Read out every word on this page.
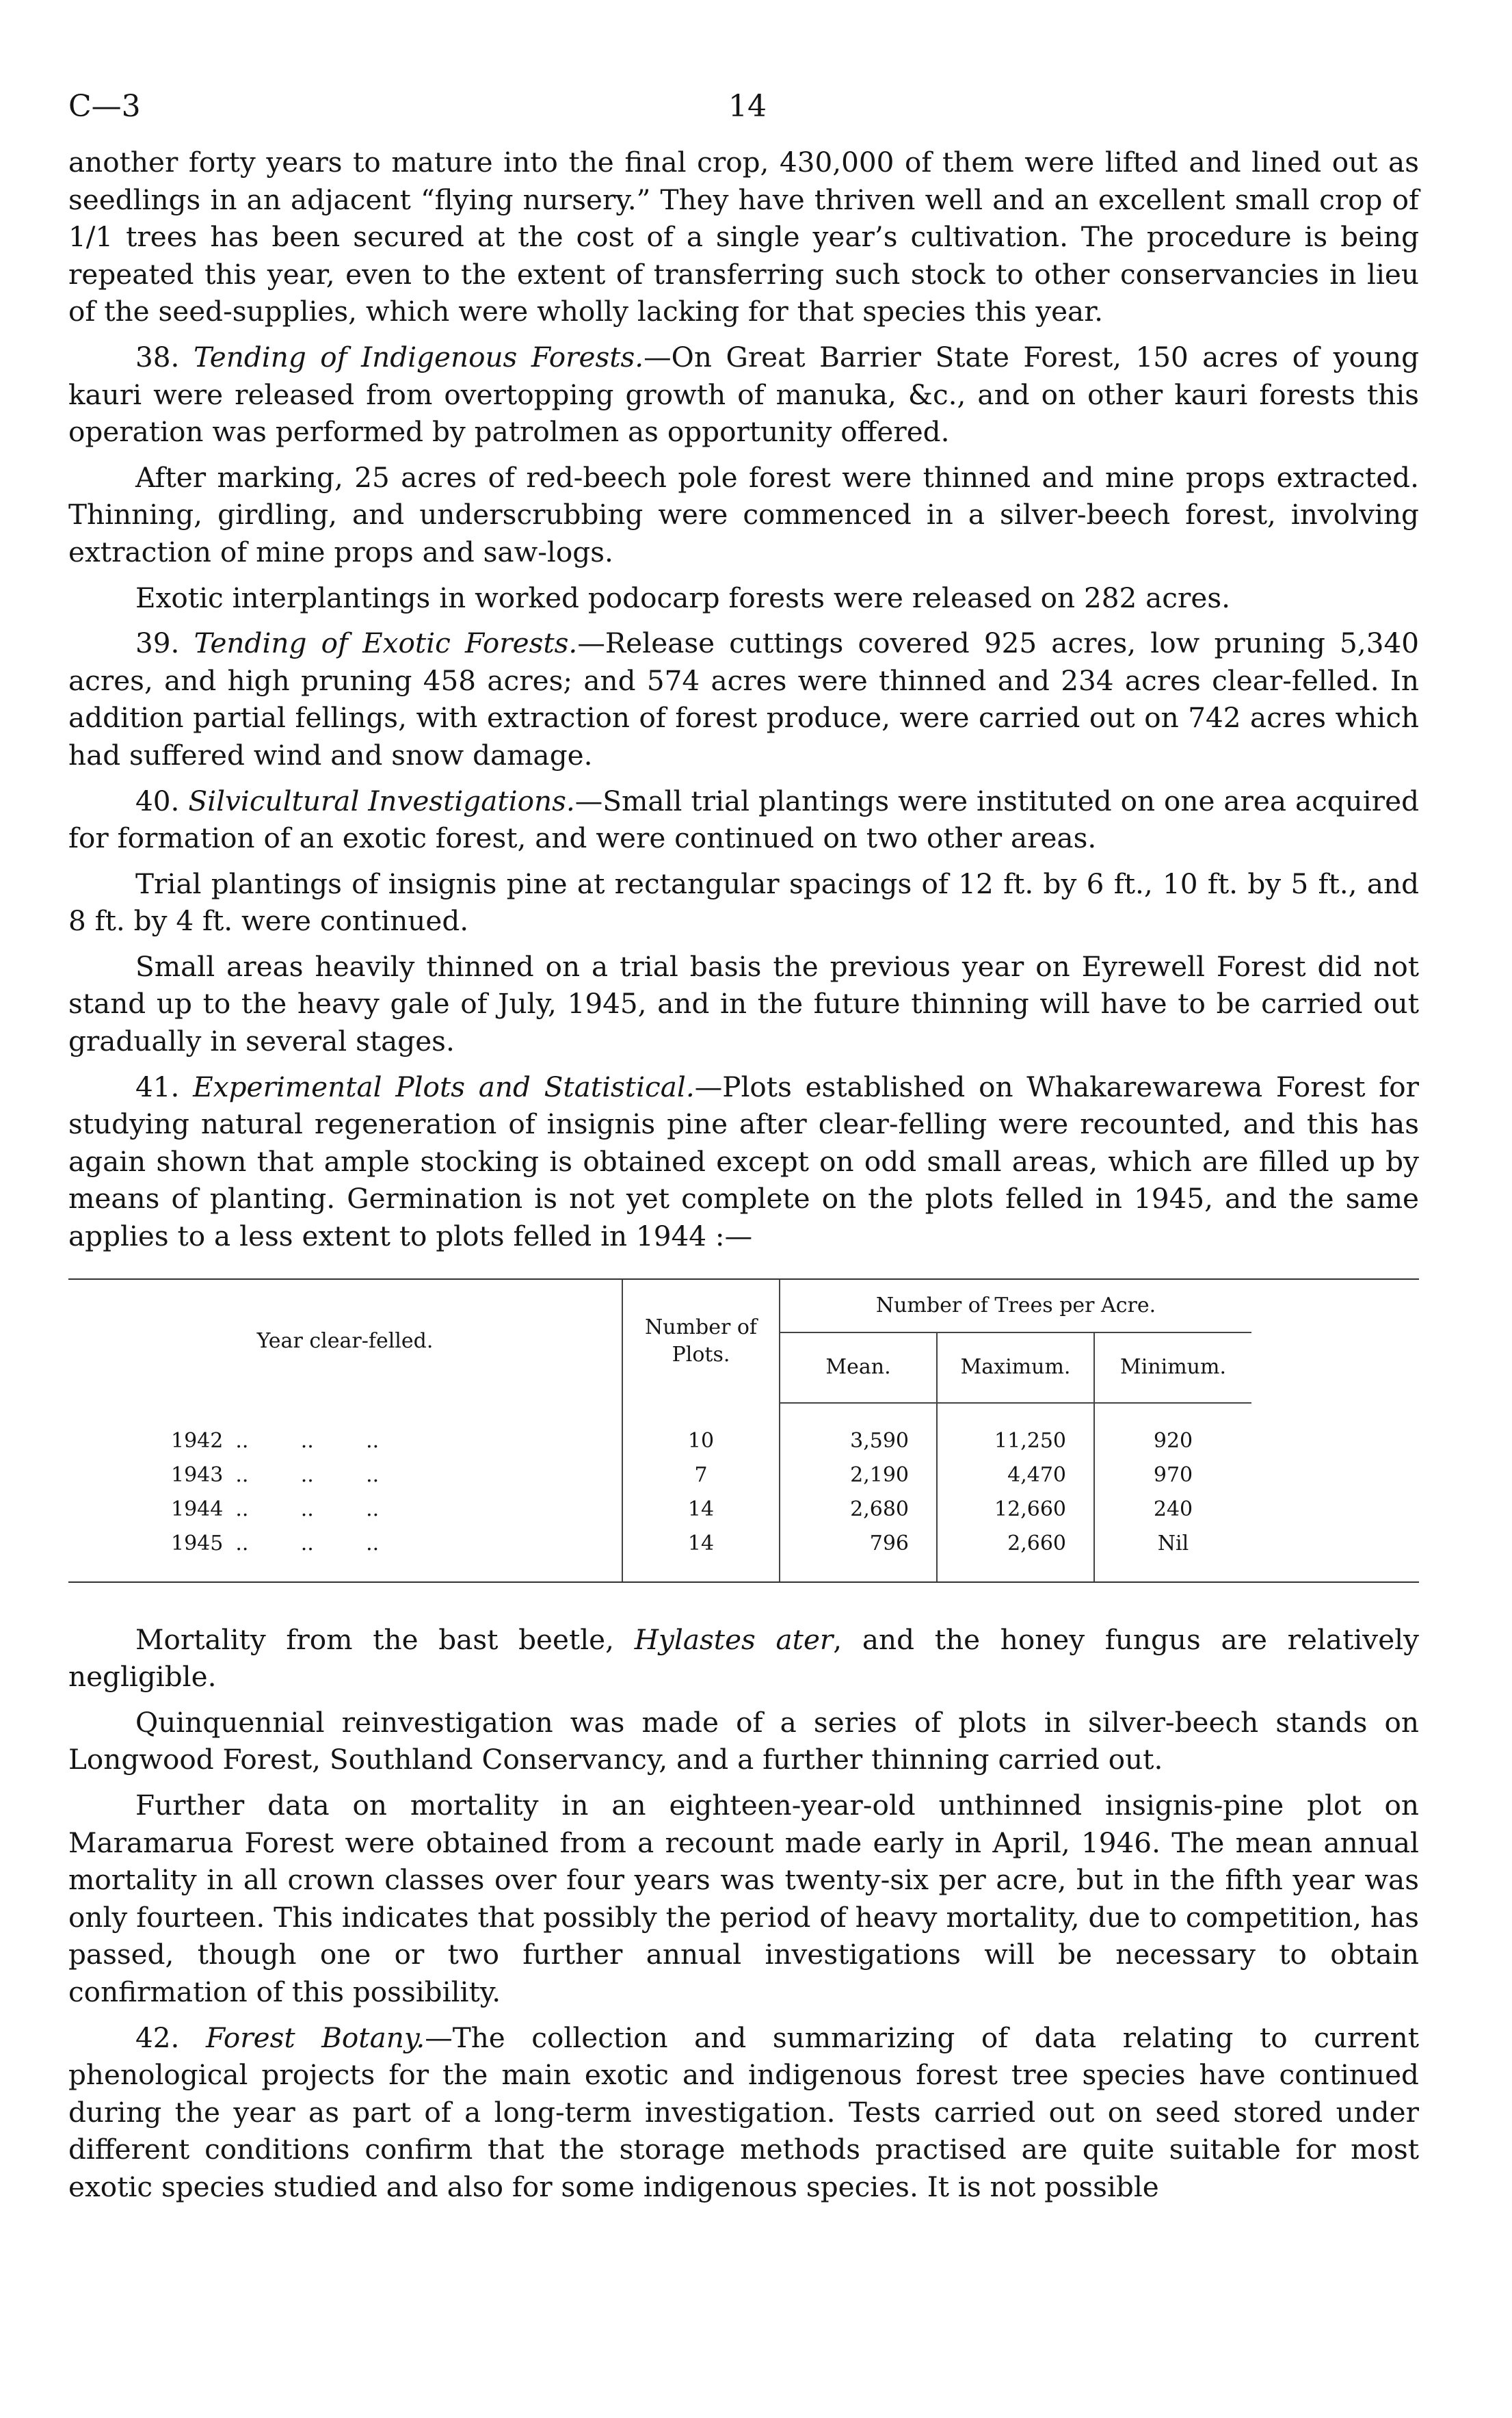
C—3	14

another forty years to mature into the final crop, 430,000 of them were lifted and lined out as seedlings in an adjacent “flying nursery.” They have thriven well and an excellent small crop of 1/1 trees has been secured at the cost of a single year’s cultivation. The procedure is being repeated this year, even to the extent of transferring such stock to other conservancies in lieu of the seed-supplies, which were wholly lacking for that species this year.

38. Tending of Indigenous Forests.—On Great Barrier State Forest, 150 acres of young kauri were released from overtopping growth of manuka, &c., and on other kauri forests this operation was performed by patrolmen as opportunity offered.

After marking, 25 acres of red-beech pole forest were thinned and mine props extracted. Thinning, girdling, and underscrubbing were commenced in a silver-beech forest, involving extraction of mine props and saw-logs.

Exotic interplantings in worked podocarp forests were released on 282 acres.

39. Tending of Exotic Forests.—Release cuttings covered 925 acres, low pruning 5,340 acres, and high pruning 458 acres; and 574 acres were thinned and 234 acres clear-felled. In addition partial fellings, with extraction of forest produce, were carried out on 742 acres which had suffered wind and snow damage.

40. Silvicultural Investigations.—Small trial plantings were instituted on one area acquired for formation of an exotic forest, and were continued on two other areas.

Trial plantings of insignis pine at rectangular spacings of 12 ft. by 6 ft., 10 ft. by 5 ft., and 8 ft. by 4 ft. were continued.

Small areas heavily thinned on a trial basis the previous year on Eyrewell Forest did not stand up to the heavy gale of July, 1945, and in the future thinning will have to be carried out gradually in several stages.

41. Experimental Plots and Statistical.—Plots established on Whakarewarewa Forest for studying natural regeneration of insignis pine after clear-felling were recounted, and this has again shown that ample stocking is obtained except on odd small areas, which are filled up by means of planting. Germination is not yet complete on the plots felled in 1945, and the same applies to a less extent to plots felled in 1944 :—

Year clear-felled.	Number of Plots.	Number of Trees per Acre.			
		Mean.	Maximum.	Minimum.	

1942 ..        ..        ..	10	3,590	11,250	920	
1943 ..        ..        ..	7	2,190	4,470	970	
1944 ..        ..        ..	14	2,680	12,660	240	
1945 ..        ..        ..	14	796	2,660	Nil	

Mortality from the bast beetle, Hylastes ater, and the honey fungus are relatively negligible.

Quinquennial reinvestigation was made of a series of plots in silver-beech stands on Longwood Forest, Southland Conservancy, and a further thinning carried out.

Further data on mortality in an eighteen-year-old unthinned insignis-pine plot on Maramarua Forest were obtained from a recount made early in April, 1946. The mean annual mortality in all crown classes over four years was twenty-six per acre, but in the fifth year was only fourteen. This indicates that possibly the period of heavy mortality, due to competition, has passed, though one or two further annual investigations will be necessary to obtain confirmation of this possibility.

42. Forest Botany.—The collection and summarizing of data relating to current phenological projects for the main exotic and indigenous forest tree species have continued during the year as part of a long-term investigation. Tests carried out on seed stored under different conditions confirm that the storage methods practised are quite suitable for most exotic species studied and also for some indigenous species. It is not possible
